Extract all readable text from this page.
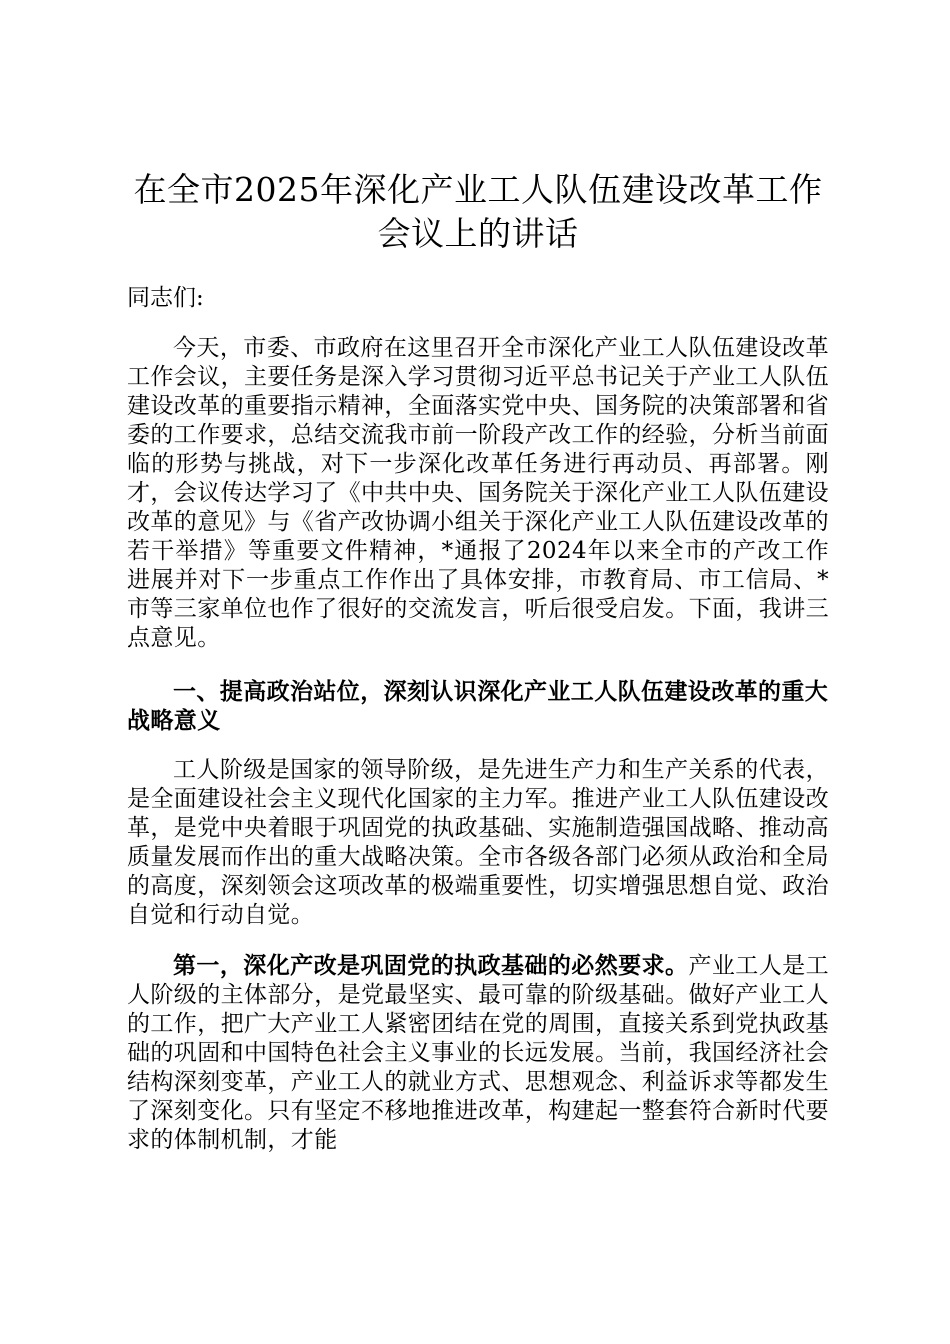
在全市2025年深化产业工人队伍建设改革工作会议上的讲话

同志们:

今天，市委、市政府在这里召开全市深化产业工人队伍建设改革工作会议，主要任务是深入学习贯彻习近平总书记关于产业工人队伍建设改革的重要指示精神，全面落实党中央、国务院的决策部署和省委的工作要求，总结交流我市前一阶段产改工作的经验，分析当前面临的形势与挑战，对下一步深化改革任务进行再动员、再部署。刚才，会议传达学习了《中共中央、国务院关于深化产业工人队伍建设改革的意见》与《省产改协调小组关于深化产业工人队伍建设改革的若干举措》等重要文件精神，*通报了2024年以来全市的产改工作进展并对下一步重点工作作出了具体安排，市教育局、市工信局、*市等三家单位也作了很好的交流发言，听后很受启发。下面，我讲三点意见。

一、提高政治站位，深刻认识深化产业工人队伍建设改革的重大战略意义

工人阶级是国家的领导阶级，是先进生产力和生产关系的代表，是全面建设社会主义现代化国家的主力军。推进产业工人队伍建设改革，是党中央着眼于巩固党的执政基础、实施制造强国战略、推动高质量发展而作出的重大战略决策。全市各级各部门必须从政治和全局的高度，深刻领会这项改革的极端重要性，切实增强思想自觉、政治自觉和行动自觉。

第一，深化产改是巩固党的执政基础的必然要求。产业工人是工人阶级的主体部分，是党最坚实、最可靠的阶级基础。做好产业工人的工作，把广大产业工人紧密团结在党的周围，直接关系到党执政基础的巩固和中国特色社会主义事业的长远发展。当前，我国经济社会结构深刻变革，产业工人的就业方式、思想观念、利益诉求等都发生了深刻变化。只有坚定不移地推进改革，构建起一整套符合新时代要求的体制机制，才能
